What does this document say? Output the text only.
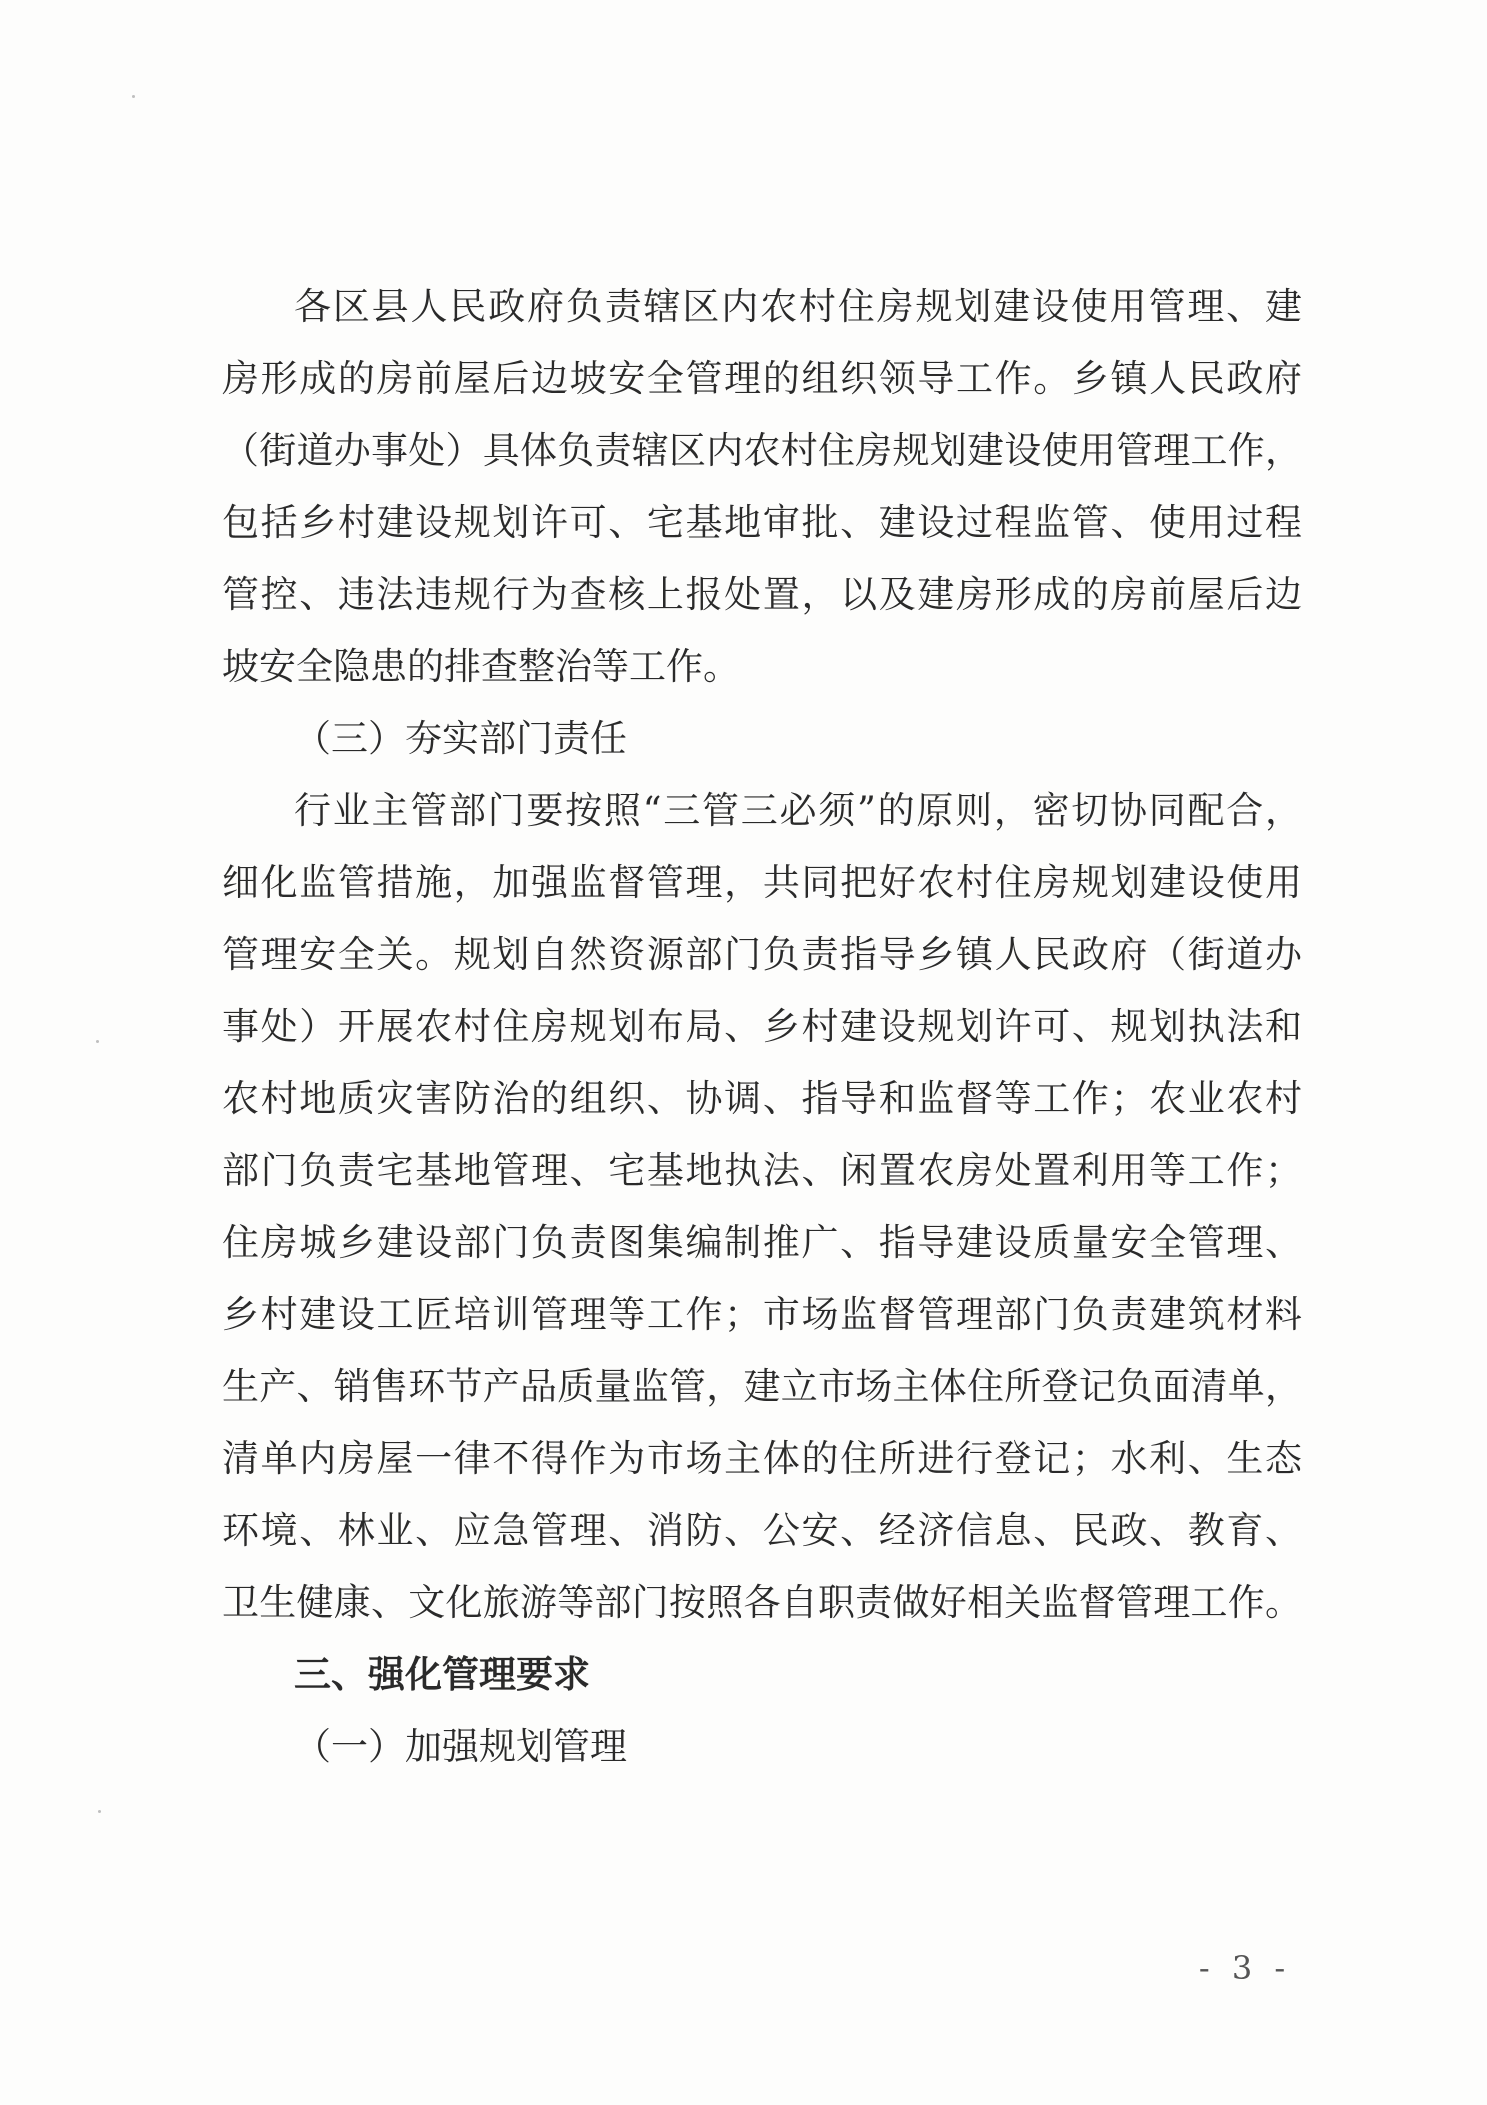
各区县人民政府负责辖区内农村住房规划建设使用管理、建
房形成的房前屋后边坡安全管理的组织领导工作。乡镇人民政府
（街道办事处）具体负责辖区内农村住房规划建设使用管理工作，
包括乡村建设规划许可、宅基地审批、建设过程监管、使用过程
管控、违法违规行为查核上报处置，以及建房形成的房前屋后边
坡安全隐患的排查整治等工作。
（三）夯实部门责任
行业主管部门要按照“三管三必须”的原则，密切协同配合，
细化监管措施，加强监督管理，共同把好农村住房规划建设使用
管理安全关。规划自然资源部门负责指导乡镇人民政府（街道办
事处）开展农村住房规划布局、乡村建设规划许可、规划执法和
农村地质灾害防治的组织、协调、指导和监督等工作；农业农村
部门负责宅基地管理、宅基地执法、闲置农房处置利用等工作；
住房城乡建设部门负责图集编制推广、指导建设质量安全管理、
乡村建设工匠培训管理等工作；市场监督管理部门负责建筑材料
生产、销售环节产品质量监管，建立市场主体住所登记负面清单，
清单内房屋一律不得作为市场主体的住所进行登记；水利、生态
环境、林业、应急管理、消防、公安、经济信息、民政、教育、
卫生健康、文化旅游等部门按照各自职责做好相关监督管理工作。
三、强化管理要求
（一）加强规划管理
- 3 -
